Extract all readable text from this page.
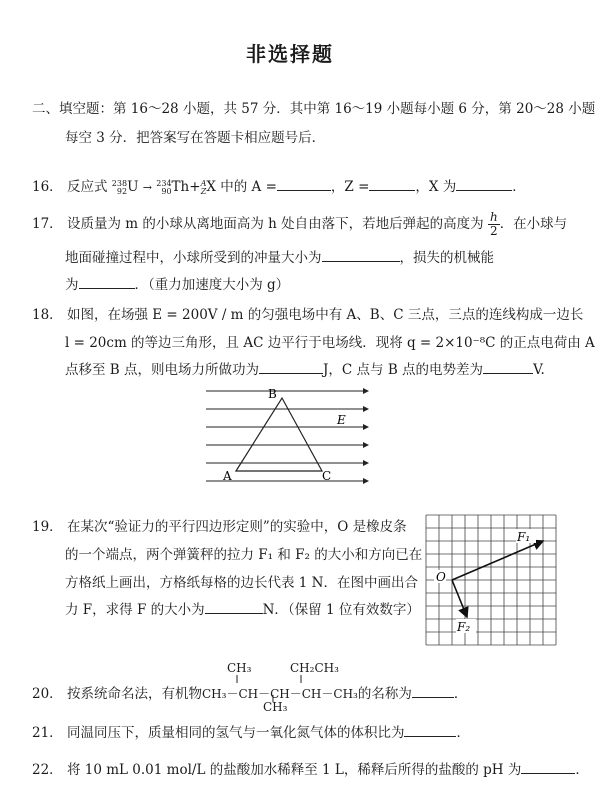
非选择题
二、填空题：第 16～28 小题，共 57 分．其中第 16～19 小题每小题 6 分，第 20～28 小题
每空 3 分．把答案写在答题卡相应题号后．
16． 反应式 238
92 U → 234
90 Th+ A
Z X 中的 A =	，Z =	，X 为	．
17． 设质量为 m 的小球从离地面高为 h 处自由落下，若地后弹起的高度为 $\frac{h}{2}$ ．在小球与
地面碰撞过程中，小球所受到的冲量大小为	，损失的机械能
为	．（重力加速度大小为 g）
18． 如图，在场强 E = 200V / m 的匀强电场中有 A、B、C 三点，三点的连线构成一边长
l = 20cm 的等边三角形，且 AC 边平行于电场线．现将 q = 2×10⁻⁸C 的正点电荷由 A
点移至 B 点，则电场力所做功为	J，C 点与 B 点的电势差为	V.
A
B
C
E
19． 在某次“验证力的平行四边形定则”的实验中，O 是橡皮条
的一个端点，两个弹簧秤的拉力 F₁ 和 F₂ 的大小和方向已在
方格纸上画出，方格纸每格的边长代表 1 N．在图中画出合
力 F，求得 F 的大小为	N．（保留 1 位有效数字）
O
F₁
F₂
20． 按系统命名法，有机物CH₃－CH－CH－CH－CH₃的名称为	．
CH₃	CH₂CH₃
CH₃
21． 同温同压下，质量相同的氢气与一氧化氮气体的体积比为	．
22． 将 10 mL 0.01 mol/L 的盐酸加水稀释至 1 L，稀释后所得的盐酸的 pH 为	．
